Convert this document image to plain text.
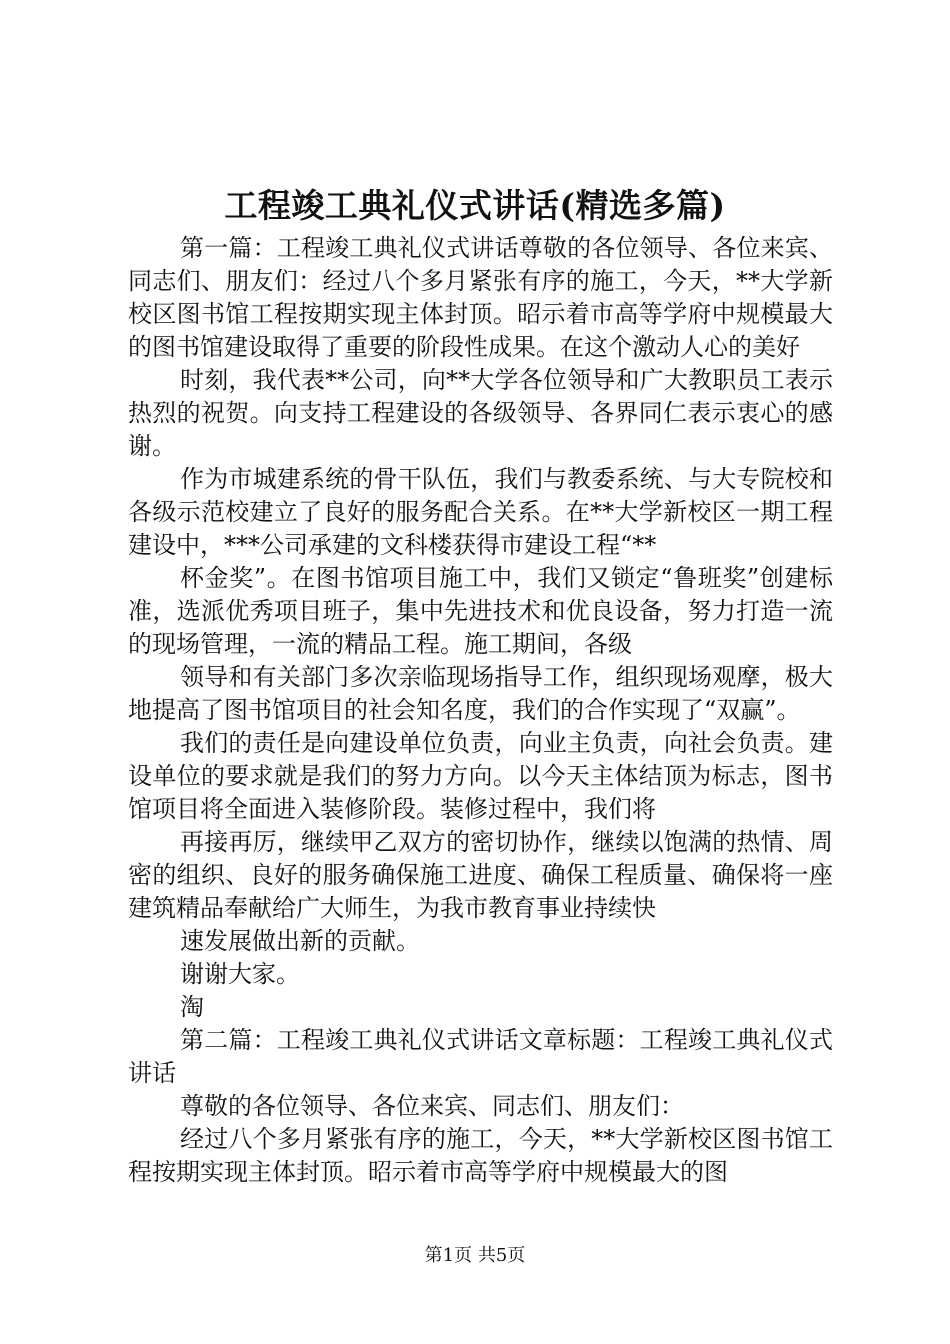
工程竣工典礼仪式讲话(精选多篇)

第一篇：工程竣工典礼仪式讲话尊敬的各位领导、各位来宾、同志们、朋友们：经过八个多月紧张有序的施工，今天，**大学新校区图书馆工程按期实现主体封顶。昭示着市高等学府中规模最大的图书馆建设取得了重要的阶段性成果。在这个激动人心的美好

时刻，我代表**公司，向**大学各位领导和广大教职员工表示热烈的祝贺。向支持工程建设的各级领导、各界同仁表示衷心的感谢。

作为市城建系统的骨干队伍，我们与教委系统、与大专院校和各级示范校建立了良好的服务配合关系。在**大学新校区一期工程建设中，***公司承建的文科楼获得市建设工程“**

杯金奖”。在图书馆项目施工中，我们又锁定“鲁班奖”创建标准，选派优秀项目班子，集中先进技术和优良设备，努力打造一流的现场管理，一流的精品工程。施工期间，各级

领导和有关部门多次亲临现场指导工作，组织现场观摩，极大地提高了图书馆项目的社会知名度，我们的合作实现了“双赢”。

我们的责任是向建设单位负责，向业主负责，向社会负责。建设单位的要求就是我们的努力方向。以今天主体结顶为标志，图书馆项目将全面进入装修阶段。装修过程中，我们将

再接再厉，继续甲乙双方的密切协作，继续以饱满的热情、周密的组织、良好的服务确保施工进度、确保工程质量、确保将一座建筑精品奉献给广大师生，为我市教育事业持续快

速发展做出新的贡献。

谢谢大家。

淘

第二篇：工程竣工典礼仪式讲话文章标题：工程竣工典礼仪式讲话

尊敬的各位领导、各位来宾、同志们、朋友们：

经过八个多月紧张有序的施工，今天，**大学新校区图书馆工程按期实现主体封顶。昭示着市高等学府中规模最大的图

第1页 共5页
